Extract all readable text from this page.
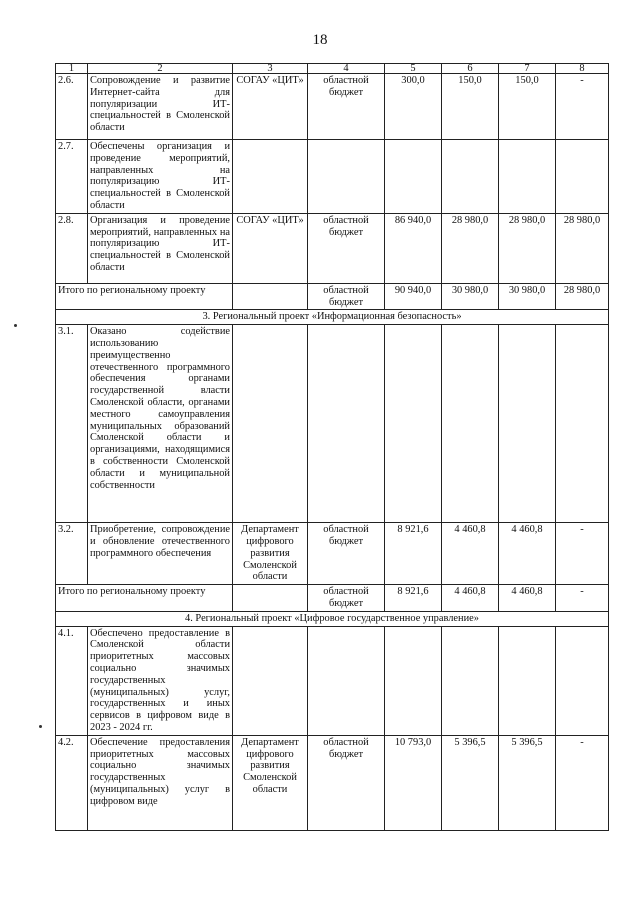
18
1	2	3	4	5	6	7	8
2.6.	Сопровождение и развитие Интернет-сайта для популяризации ИТ-специальностей в Смоленской области	СОГАУ «ЦИТ»	областной бюджет	300,0	150,0	150,0	-
2.7.	Обеспечены организация и проведение мероприятий, направленных на популяризацию ИТ-специальностей в Смоленской области						
2.8.	Организация и проведение мероприятий, направленных на популяризацию ИТ-специальностей в Смоленской области	СОГАУ «ЦИТ»	областной бюджет	86 940,0	28 980,0	28 980,0	28 980,0
Итого по региональному проекту			областной бюджет	90 940,0	30 980,0	30 980,0	28 980,0
3. Региональный проект «Информационная безопасность»							
3.1.	Оказано содействие использованию преимущественно отечественного программного обеспечения органами государственной власти Смоленской области, органами местного самоуправления муниципальных образований Смоленской области и организациями, находящимися в собственности Смоленской области и муниципальной собственности						
3.2.	Приобретение, сопровождение и обновление отечественного программного обеспечения	Департамент цифрового развития Смоленской области	областной бюджет	8 921,6	4 460,8	4 460,8	-
Итого по региональному проекту			областной бюджет	8 921,6	4 460,8	4 460,8	-
4. Региональный проект «Цифровое государственное управление»							
4.1.	Обеспечено предоставление в Смоленской области приоритетных массовых социально значимых государственных (муниципальных) услуг, государственных и иных сервисов в цифровом виде в 2023 - 2024 гг.						
4.2.	Обеспечение предоставления приоритетных массовых социально значимых государственных (муниципальных) услуг в цифровом виде	Департамент цифрового развития Смоленской области	областной бюджет	10 793,0	5 396,5	5 396,5	-
